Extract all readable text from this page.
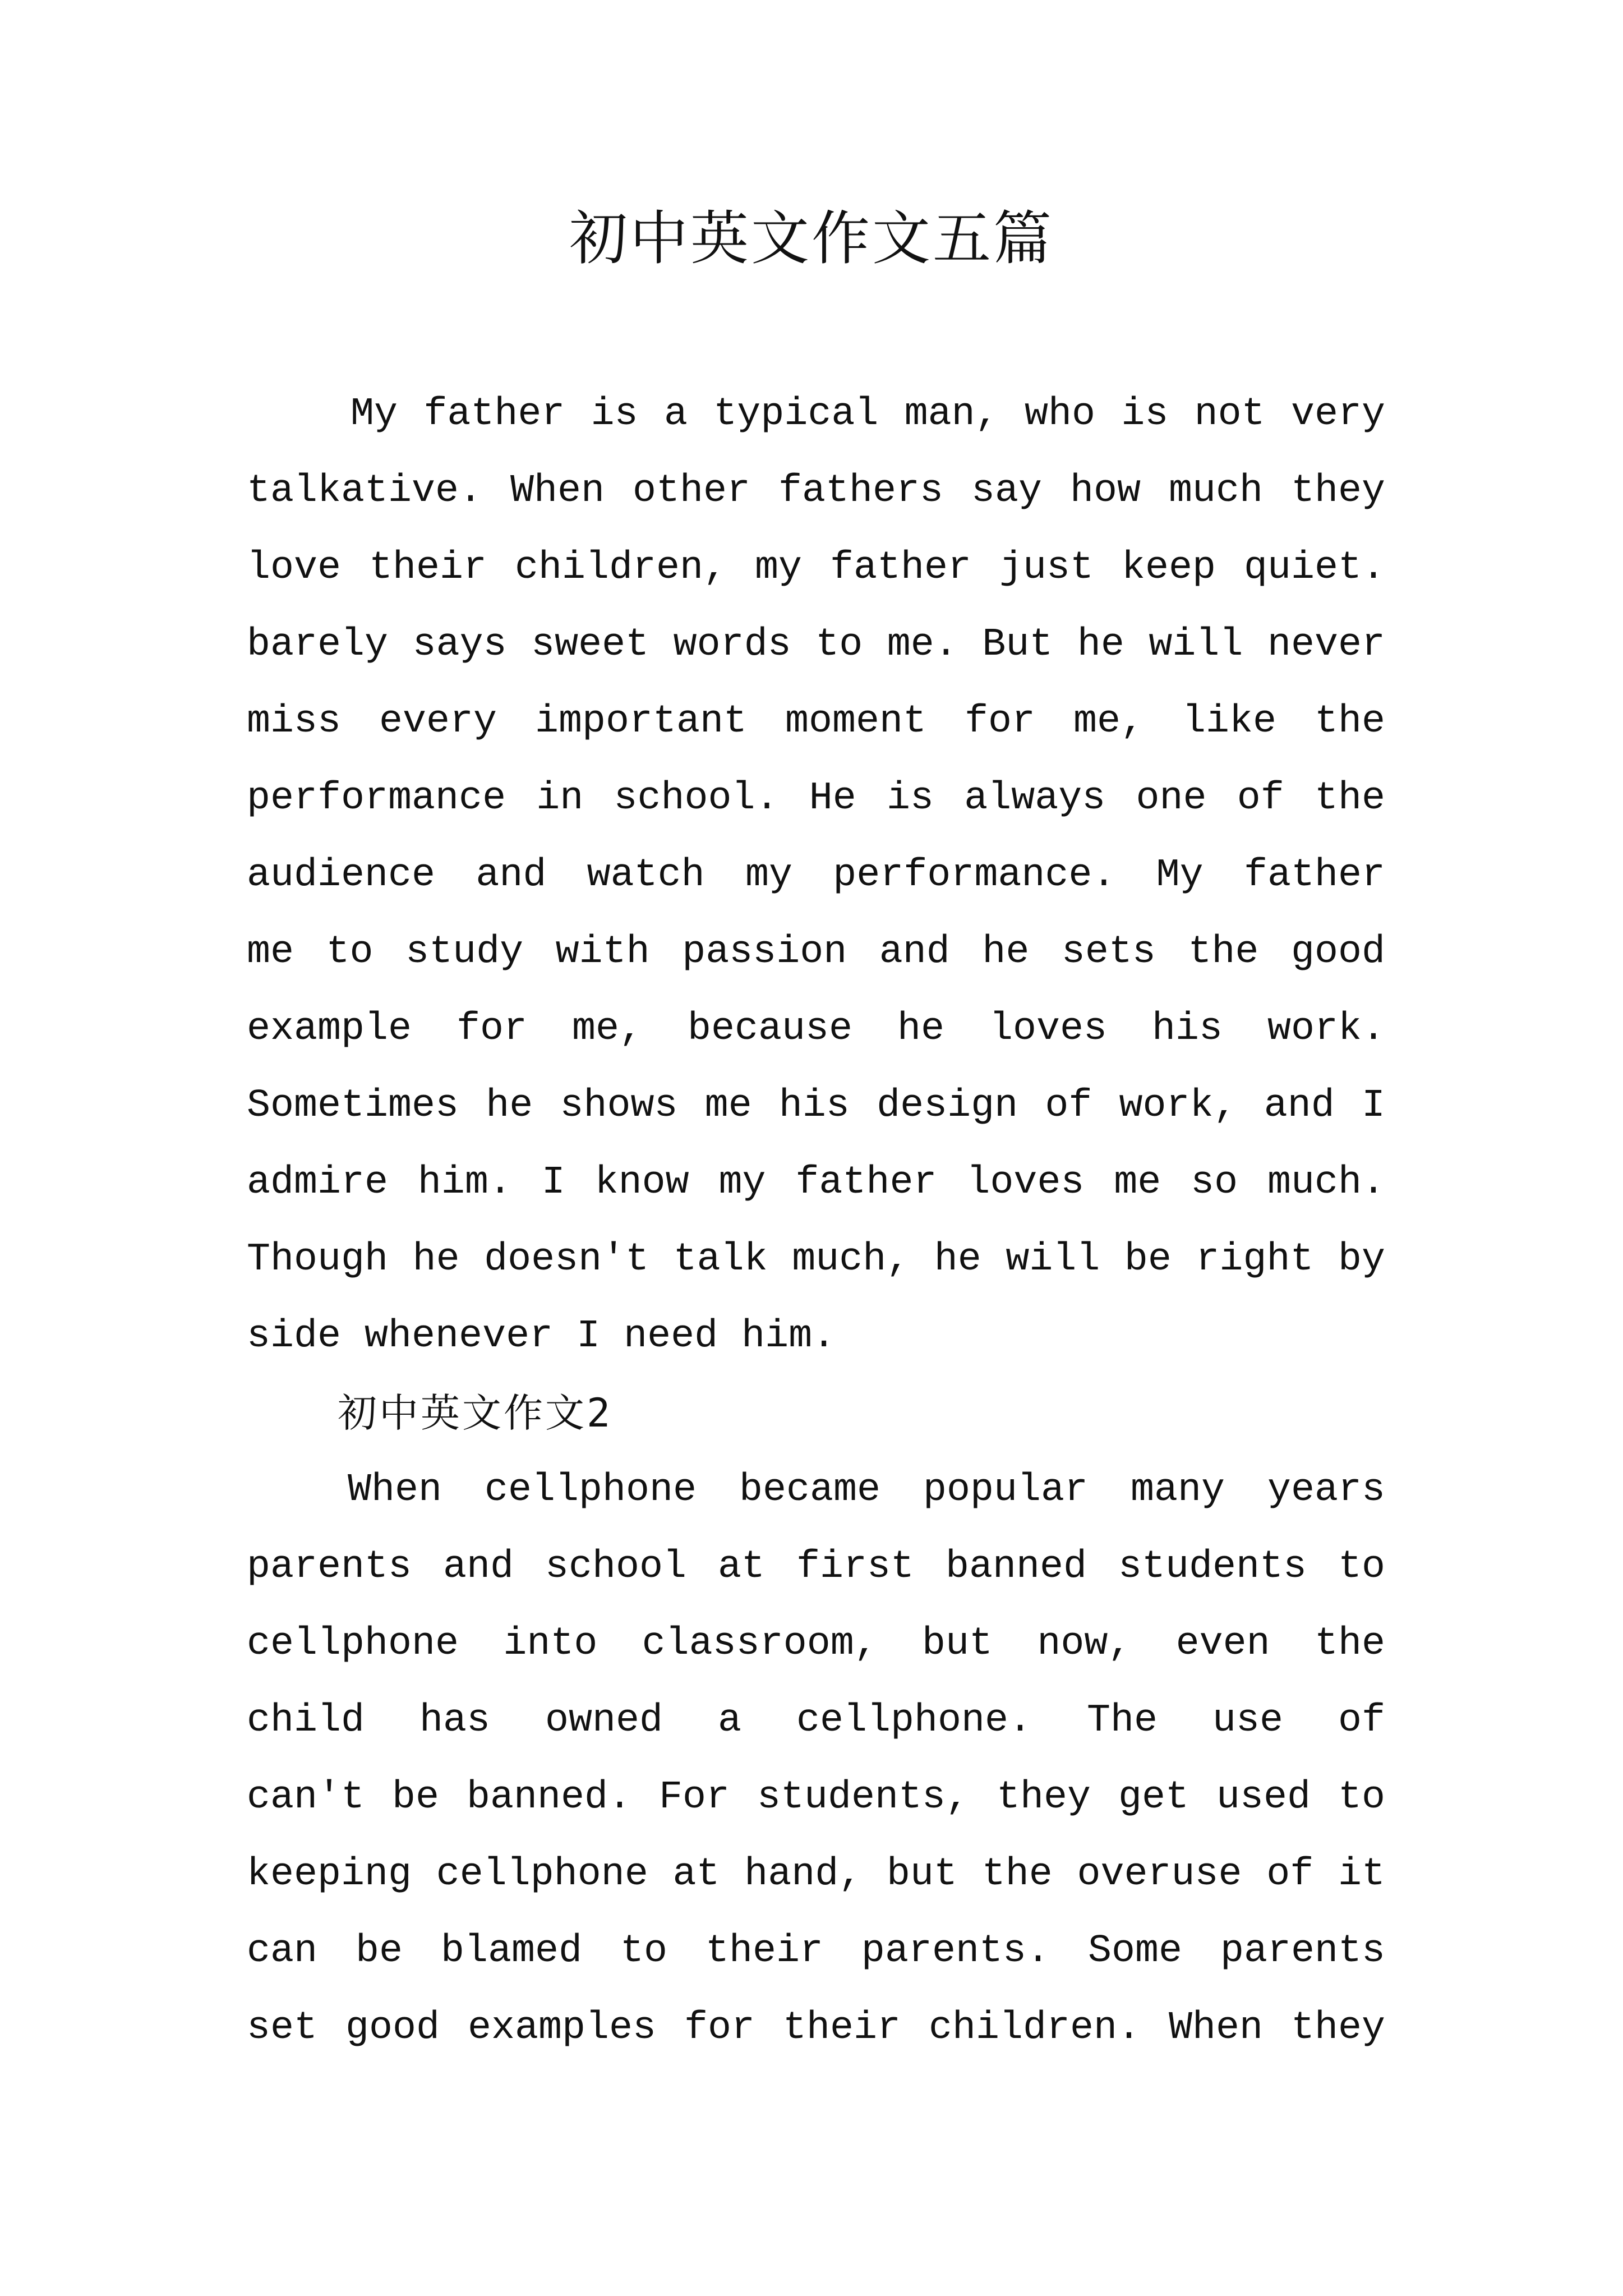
初中英文作文五篇

My father is a typical man, who is not very
talkative. When other fathers say how much they
love their children, my father just keep quiet.
barely says sweet words to me. But he will never
miss every important moment for me, like the
performance in school. He is always one of the
audience and watch my performance. My father
me to study with passion and he sets the good
example for me, because he loves his work.
Sometimes he shows me his design of work, and I
admire him. I know my father loves me so much.
Though he doesn't talk much, he will be right by
side whenever I need him.

初中英文作文2

When cellphone became popular many years
parents and school at first banned students to
cellphone into classroom, but now, even the
child has owned a cellphone. The use of
can't be banned. For students, they get used to
keeping cellphone at hand, but the overuse of it
can be blamed to their parents. Some parents
set good examples for their children. When they
